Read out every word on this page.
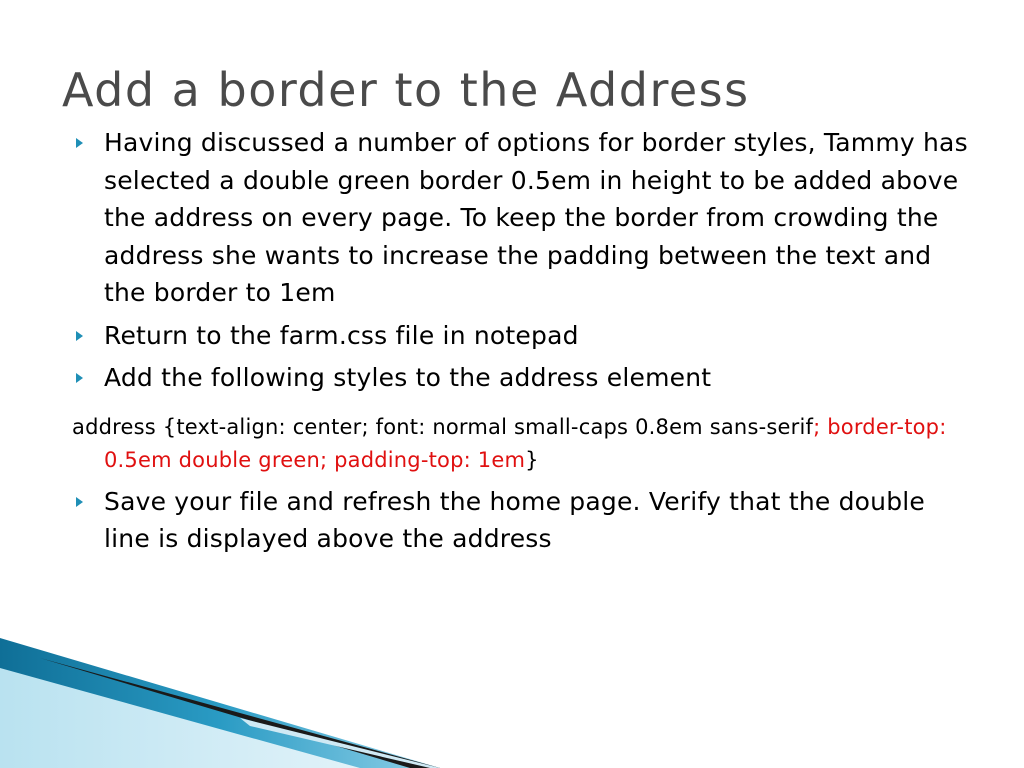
Add a border to the Address
Having discussed a number of options for border styles, Tammy has selected a double green border 0.5em in height to be added above the address on every page. To keep the border from crowding the address she wants to increase the padding between the text and the border to 1em
Return to the farm.css file in notepad
Add the following styles to the address element
address {text-align: center; font: normal small-caps 0.8em sans-serif; border-top: 0.5em double green; padding-top: 1em}
Save your file and refresh the home page. Verify that the double line is displayed above the address
